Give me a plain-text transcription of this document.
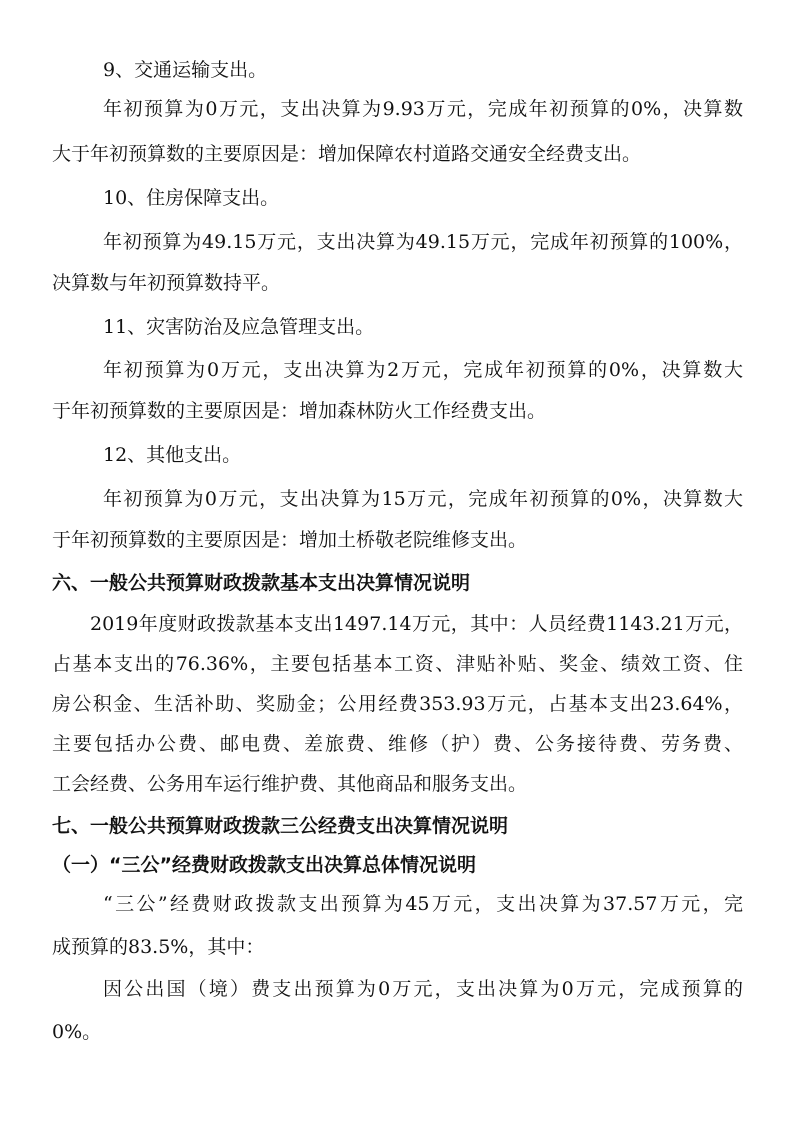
9、交通运输支出。
年初预算为0万元，支出决算为9.93万元，完成年初预算的0%，决算数
大于年初预算数的主要原因是：增加保障农村道路交通安全经费支出。
10、住房保障支出。
年初预算为49.15万元，支出决算为49.15万元，完成年初预算的100%，
决算数与年初预算数持平。
11、灾害防治及应急管理支出。
年初预算为0万元，支出决算为2万元，完成年初预算的0%，决算数大
于年初预算数的主要原因是：增加森林防火工作经费支出。
12、其他支出。
年初预算为0万元，支出决算为15万元，完成年初预算的0%，决算数大
于年初预算数的主要原因是：增加土桥敬老院维修支出。
六、一般公共预算财政拨款基本支出决算情况说明
2019年度财政拨款基本支出1497.14万元，其中：人员经费1143.21万元，
占基本支出的76.36%，主要包括基本工资、津贴补贴、奖金、绩效工资、住
房公积金、生活补助、奖励金；公用经费353.93万元，占基本支出23.64%，
主要包括办公费、邮电费、差旅费、维修（护）费、公务接待费、劳务费、
工会经费、公务用车运行维护费、其他商品和服务支出。
七、一般公共预算财政拨款三公经费支出决算情况说明
（一）“三公”经费财政拨款支出决算总体情况说明
“三公”经费财政拨款支出预算为45万元，支出决算为37.57万元，完
成预算的83.5%，其中：
因公出国（境）费支出预算为0万元，支出决算为0万元，完成预算的
0%。
